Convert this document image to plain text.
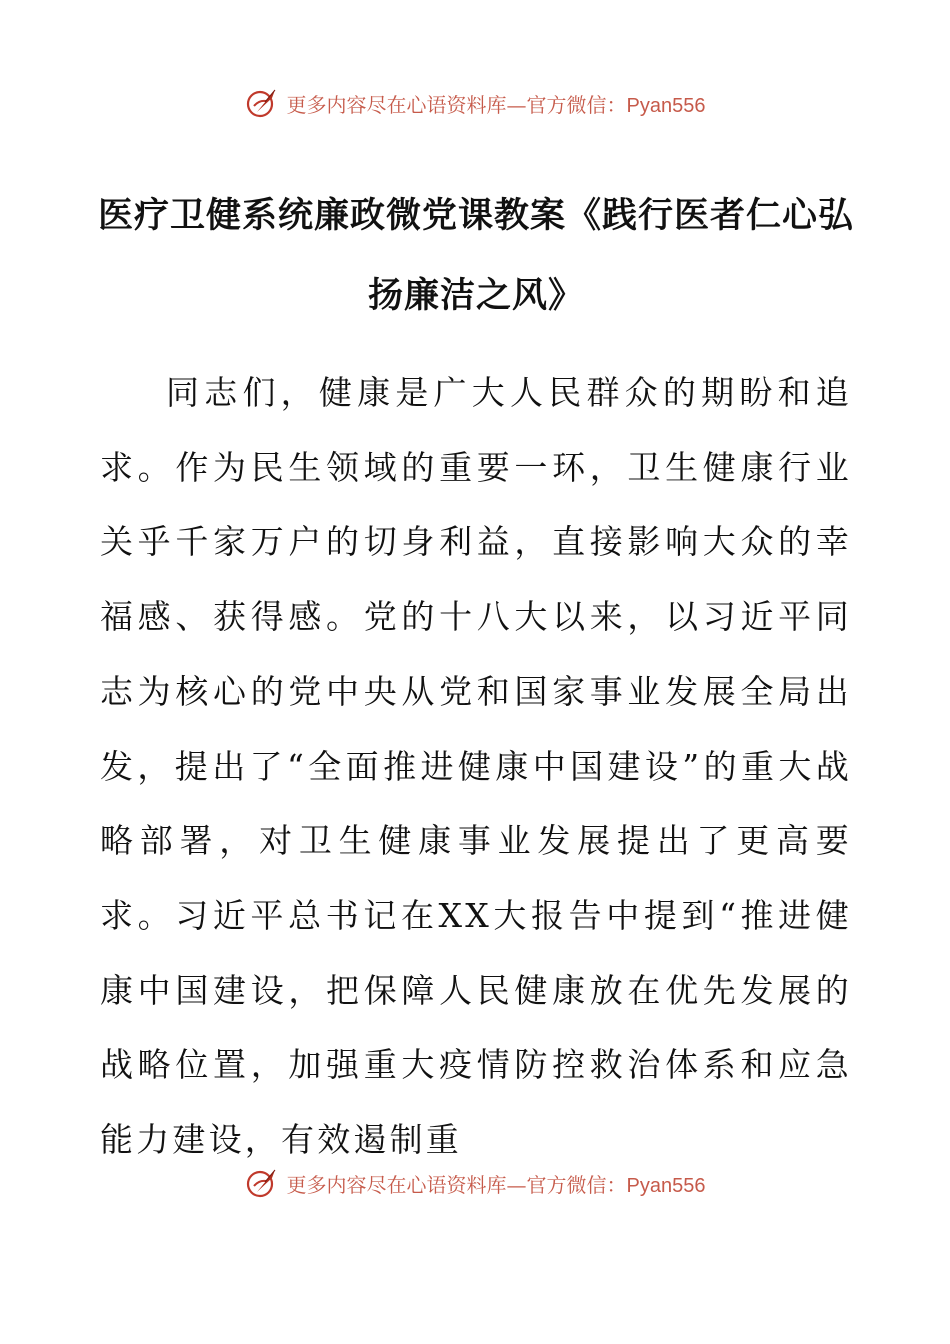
更多内容尽在心语资料库—官方微信：Pyan556
医疗卫健系统廉政微党课教案《践行医者仁心弘扬廉洁之风》

同志们，健康是广大人民群众的期盼和追求。作为民生领域的重要一环，卫生健康行业关乎千家万户的切身利益，直接影响大众的幸福感、获得感。党的十八大以来，以习近平同志为核心的党中央从党和国家事业发展全局出发，提出了“全面推进健康中国建设”的重大战略部署，对卫生健康事业发展提出了更高要求。习近平总书记在XX大报告中提到“推进健康中国建设，把保障人民健康放在优先发展的战略位置，加强重大疫情防控救治体系和应急能力建设，有效遏制重

更多内容尽在心语资料库—官方微信：Pyan556
